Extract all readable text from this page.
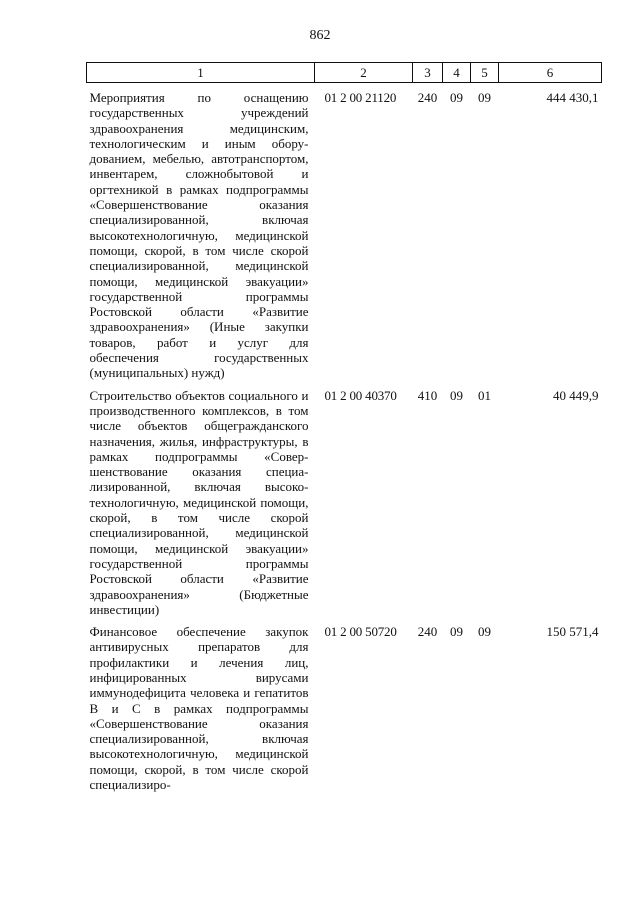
862
1	2	3	4	5	6
Мероприятия по оснащению государственных учреждений здравоохранения медицинским, технологическим и иным оборудованием, мебелью, автотранспортом, инвентарем, сложнобытовой и оргтехникой в рамках подпрограммы «Совершенствование оказания специализированной, включая высокотехнологичную, медицинской помощи, скорой, в том числе скорой специализированной, медицинской помощи, медицинской эвакуации» государственной программы Ростовской области «Развитие здравоохранения» (Иные закупки товаров, работ и услуг для обеспечения государственных (муниципальных) нужд)	01 2 00 21120	240	09	09	444 430,1
Строительство объектов социального и производственного комплексов, в том числе объектов общегражданского назначения, жилья, инфраструктуры, в рамках подпрограммы «Совершенствование оказания специализированной, включая высокотехнологичную, медицинской помощи, скорой, в том числе скорой специализированной, медицинской помощи, медицинской эвакуации» государственной программы Ростовской области «Развитие здравоохранения» (Бюджетные инвестиции)	01 2 00 40370	410	09	01	40 449,9
Финансовое обеспечение закупок антивирусных препаратов для профилактики и лечения лиц, инфицированных вирусами иммунодефицита человека и гепатитов B и C в рамках подпрограммы «Совершенствование оказания специализированной, включая высокотехнологичную, медицинской помощи, скорой, в том числе скорой специализиро-	01 2 00 50720	240	09	09	150 571,4
